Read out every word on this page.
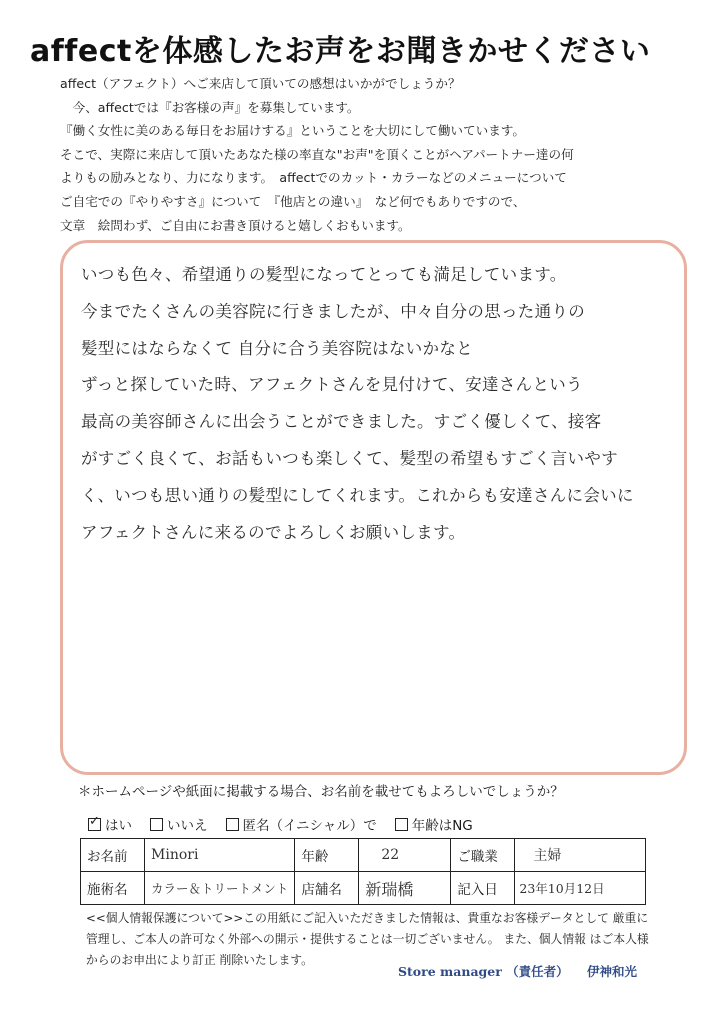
affectを体感したお声をお聞きかせください

affect（アフェクト）へご来店して頂いての感想はいかがでしょうか？

　今、affectでは『お客様の声』を募集しています。

『働く女性に美のある毎日をお届けする』ということを大切にして働いています。

そこで、実際に来店して頂いたあなた様の率直な"お声"を頂くことがヘアパートナー達の何

よりもの励みとなり、力になります。　affectでのカット・カラーなどのメニューについて

ご自宅での『やりやすさ』について　『他店との違い』　など何でもありですので、

文章　絵問わず、ご自由にお書き頂けると嬉しくおもいます。

いつも色々、希望通りの髪型になってとっても満足しています。

今までたくさんの美容院に行きましたが、中々自分の思った通りの

髪型にはならなくて 自分に合う美容院はないかなと

ずっと探していた時、アフェクトさんを見付けて、安達さんという

最高の美容師さんに出会うことができました。すごく優しくて、接客

がすごく良くて、お話もいつも楽しくて、髪型の希望もすごく言いやす

く、いつも思い通りの髪型にしてくれます。これからも安達さんに会いに

アフェクトさんに来るのでよろしくお願いします。

＊ホームページや紙面に掲載する場合、お名前を載せてもよろしいでしょうか？
✓
はい	いいえ	匿名（イニシャル）で	年齢はNG
お名前	Minori	年齢	22	ご職業	主婦
施術名	カラー＆トリートメント	店舗名	新瑞橋	記入日	23年10月12日

<<個人情報保護について>>この用紙にご記入いただきました情報は、貴重なお客様データとして 厳重に

管理し、ご本人の許可なく外部への開示・提供することは一切ございません。 また、個人情報 はご本人様

からのお申出により訂正 削除いたします。

Store manager （責任者） 伊神和光
